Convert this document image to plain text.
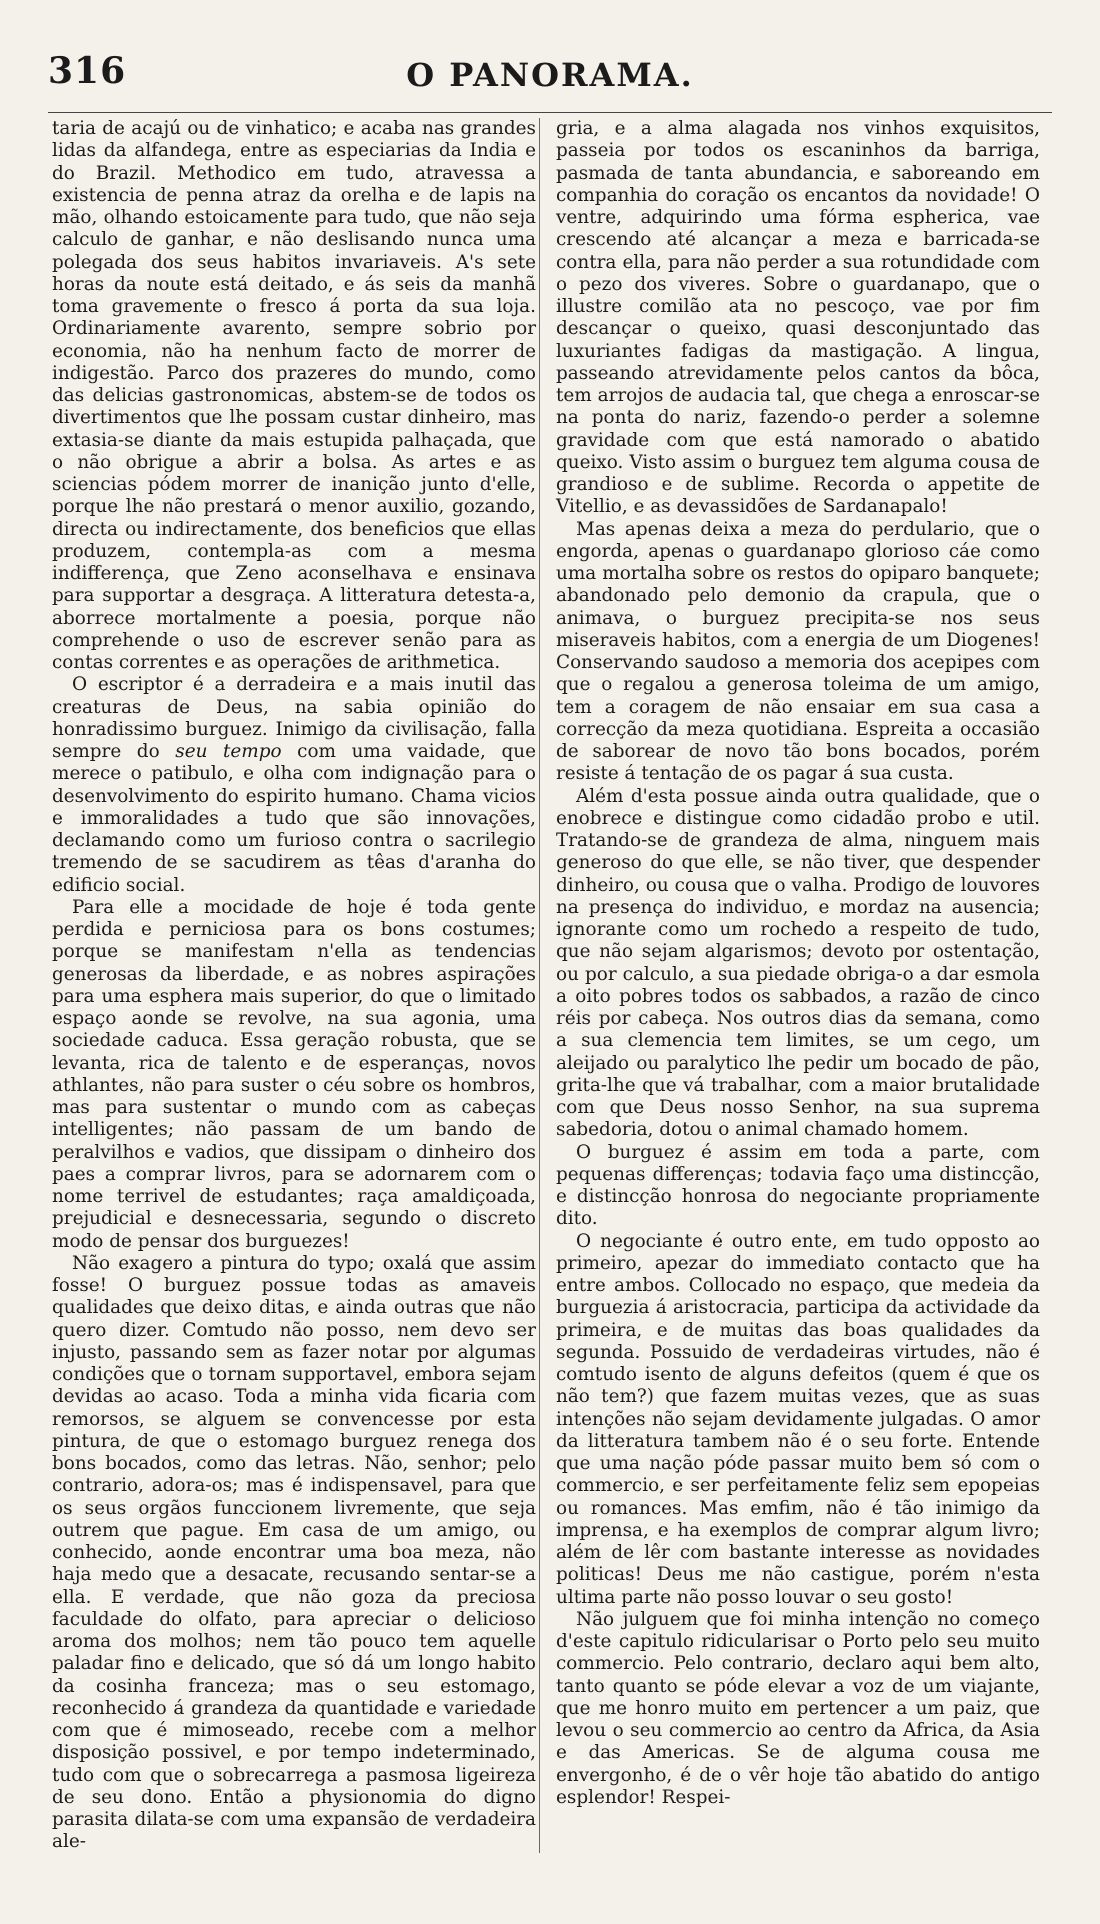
316	O PANORAMA.

taria de acajú ou de vinhatico; e acaba nas grandes lidas da alfandega, entre as especiarias da India e do Brazil. Methodico em tudo, atravessa a existencia de penna atraz da orelha e de lapis na mão, olhando estoicamente para tudo, que não seja calculo de ganhar, e não deslisando nunca uma polegada dos seus habitos invariaveis. A's sete horas da noute está deitado, e ás seis da manhã toma gravemente o fresco á porta da sua loja. Ordinariamente avarento, sempre sobrio por economia, não ha nenhum facto de morrer de indigestão. Parco dos prazeres do mundo, como das delicias gastronomicas, abstem-se de todos os divertimentos que lhe possam custar dinheiro, mas extasia-se diante da mais estupida palhaçada, que o não obrigue a abrir a bolsa. As artes e as sciencias pódem morrer de inanição junto d'elle, porque lhe não prestará o menor auxilio, gozando, directa ou indirectamente, dos beneficios que ellas produzem, contempla-as com a mesma indifferença, que Zeno aconselhava e ensinava para supportar a desgraça. A litteratura detesta-a, aborrece mortalmente a poesia, porque não comprehende o uso de escrever senão para as contas correntes e as operações de arithmetica.

O escriptor é a derradeira e a mais inutil das creaturas de Deus, na sabia opinião do honradissimo burguez. Inimigo da civilisação, falla sempre do seu tempo com uma vaidade, que merece o patibulo, e olha com indignação para o desenvolvimento do espirito humano. Chama vicios e immoralidades a tudo que são innovações, declamando como um furioso contra o sacrilegio tremendo de se sacudirem as têas d'aranha do edificio social.

Para elle a mocidade de hoje é toda gente perdida e perniciosa para os bons costumes; porque se manifestam n'ella as tendencias generosas da liberdade, e as nobres aspirações para uma esphera mais superior, do que o limitado espaço aonde se revolve, na sua agonia, uma sociedade caduca. Essa geração robusta, que se levanta, rica de talento e de esperanças, novos athlantes, não para suster o céu sobre os hombros, mas para sustentar o mundo com as cabeças intelligentes; não passam de um bando de peralvilhos e vadios, que dissipam o dinheiro dos paes a comprar livros, para se adornarem com o nome terrivel de estudantes; raça amaldiçoada, prejudicial e desnecessaria, segundo o discreto modo de pensar dos burguezes!

Não exagero a pintura do typo; oxalá que assim fosse! O burguez possue todas as amaveis qualidades que deixo ditas, e ainda outras que não quero dizer. Comtudo não posso, nem devo ser injusto, passando sem as fazer notar por algumas condições que o tornam supportavel, embora sejam devidas ao acaso. Toda a minha vida ficaria com remorsos, se alguem se convencesse por esta pintura, de que o estomago burguez renega dos bons bocados, como das letras. Não, senhor; pelo contrario, adora-os; mas é indispensavel, para que os seus orgãos funccionem livremente, que seja outrem que pague. Em casa de um amigo, ou conhecido, aonde encontrar uma boa meza, não haja medo que a desacate, recusando sentar-se a ella. E verdade, que não goza da preciosa faculdade do olfato, para apreciar o delicioso aroma dos molhos; nem tão pouco tem aquelle paladar fino e delicado, que só dá um longo habito da cosinha franceza; mas o seu estomago, reconhecido á grandeza da quantidade e variedade com que é mimoseado, recebe com a melhor disposição possivel, e por tempo indeterminado, tudo com que o sobrecarrega a pasmosa ligeireza de seu dono. Então a physionomia do digno parasita dilata-se com uma expansão de verdadeira ale-

gria, e a alma alagada nos vinhos exquisitos, passeia por todos os escaninhos da barriga, pasmada de tanta abundancia, e saboreando em companhia do coração os encantos da novidade! O ventre, adquirindo uma fórma espherica, vae crescendo até alcançar a meza e barricada-se contra ella, para não perder a sua rotundidade com o pezo dos viveres. Sobre o guardanapo, que o illustre comilão ata no pescoço, vae por fim descançar o queixo, quasi desconjuntado das luxuriantes fadigas da mastigação. A lingua, passeando atrevidamente pelos cantos da bôca, tem arrojos de audacia tal, que chega a enroscar-se na ponta do nariz, fazendo-o perder a solemne gravidade com que está namorado o abatido queixo. Visto assim o burguez tem alguma cousa de grandioso e de sublime. Recorda o appetite de Vitellio, e as devassidões de Sardanapalo!

Mas apenas deixa a meza do perdulario, que o engorda, apenas o guardanapo glorioso cáe como uma mortalha sobre os restos do opiparo banquete; abandonado pelo demonio da crapula, que o animava, o burguez precipita-se nos seus miseraveis habitos, com a energia de um Diogenes! Conservando saudoso a memoria dos acepipes com que o regalou a generosa toleima de um amigo, tem a coragem de não ensaiar em sua casa a correcção da meza quotidiana. Espreita a occasião de saborear de novo tão bons bocados, porém resiste á tentação de os pagar á sua custa.

Além d'esta possue ainda outra qualidade, que o enobrece e distingue como cidadão probo e util. Tratando-se de grandeza de alma, ninguem mais generoso do que elle, se não tiver, que despender dinheiro, ou cousa que o valha. Prodigo de louvores na presença do individuo, e mordaz na ausencia; ignorante como um rochedo a respeito de tudo, que não sejam algarismos; devoto por ostentação, ou por calculo, a sua piedade obriga-o a dar esmola a oito pobres todos os sabbados, a razão de cinco réis por cabeça. Nos outros dias da semana, como a sua clemencia tem limites, se um cego, um aleijado ou paralytico lhe pedir um bocado de pão, grita-lhe que vá trabalhar, com a maior brutalidade com que Deus nosso Senhor, na sua suprema sabedoria, dotou o animal chamado homem.

O burguez é assim em toda a parte, com pequenas differenças; todavia faço uma distincção, e distincção honrosa do negociante propriamente dito.

O negociante é outro ente, em tudo opposto ao primeiro, apezar do immediato contacto que ha entre ambos. Collocado no espaço, que medeia da burguezia á aristocracia, participa da actividade da primeira, e de muitas das boas qualidades da segunda. Possuido de verdadeiras virtudes, não é comtudo isento de alguns defeitos (quem é que os não tem?) que fazem muitas vezes, que as suas intenções não sejam devidamente julgadas. O amor da litteratura tambem não é o seu forte. Entende que uma nação póde passar muito bem só com o commercio, e ser perfeitamente feliz sem epopeias ou romances. Mas emfim, não é tão inimigo da imprensa, e ha exemplos de comprar algum livro; além de lêr com bastante interesse as novidades politicas! Deus me não castigue, porém n'esta ultima parte não posso louvar o seu gosto!

Não julguem que foi minha intenção no começo d'este capitulo ridicularisar o Porto pelo seu muito commercio. Pelo contrario, declaro aqui bem alto, tanto quanto se póde elevar a voz de um viajante, que me honro muito em pertencer a um paiz, que levou o seu commercio ao centro da Africa, da Asia e das Americas. Se de alguma cousa me envergonho, é de o vêr hoje tão abatido do antigo esplendor! Respei-
